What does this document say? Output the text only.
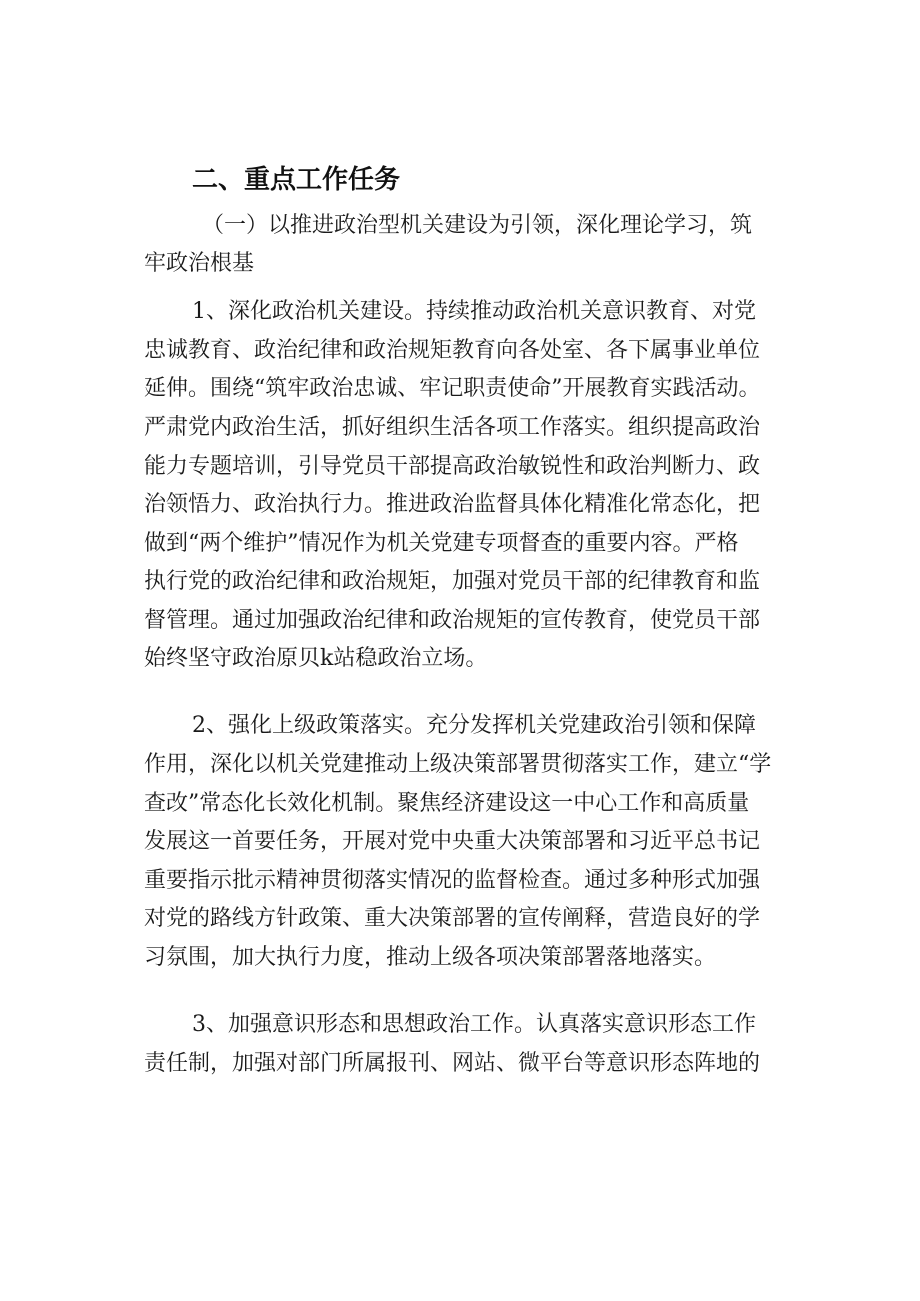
二、重点工作任务

（一）以推进政治型机关建设为引领，深化理论学习，筑

牢政治根基

1、深化政治机关建设。持续推动政治机关意识教育、对党

忠诚教育、政治纪律和政治规矩教育向各处室、各下属事业单位

延伸。围绕“筑牢政治忠诚、牢记职责使命”开展教育实践活动。

严肃党内政治生活，抓好组织生活各项工作落实。组织提高政治

能力专题培训，引导党员干部提高政治敏锐性和政治判断力、政

治领悟力、政治执行力。推进政治监督具体化精准化常态化，把

做到“两个维护”情况作为机关党建专项督查的重要内容。严格

执行党的政治纪律和政治规矩，加强对党员干部的纪律教育和监

督管理。通过加强政治纪律和政治规矩的宣传教育，使党员干部

始终坚守政治原贝k站稳政治立场。

2、强化上级政策落实。充分发挥机关党建政治引领和保障

作用，深化以机关党建推动上级决策部署贯彻落实工作，建立“学

查改”常态化长效化机制。聚焦经济建设这一中心工作和高质量

发展这一首要任务，开展对党中央重大决策部署和习近平总书记

重要指示批示精神贯彻落实情况的监督检查。通过多种形式加强

对党的路线方针政策、重大决策部署的宣传阐释，营造良好的学

习氛围，加大执行力度，推动上级各项决策部署落地落实。

3、加强意识形态和思想政治工作。认真落实意识形态工作

责任制，加强对部门所属报刊、网站、微平台等意识形态阵地的
